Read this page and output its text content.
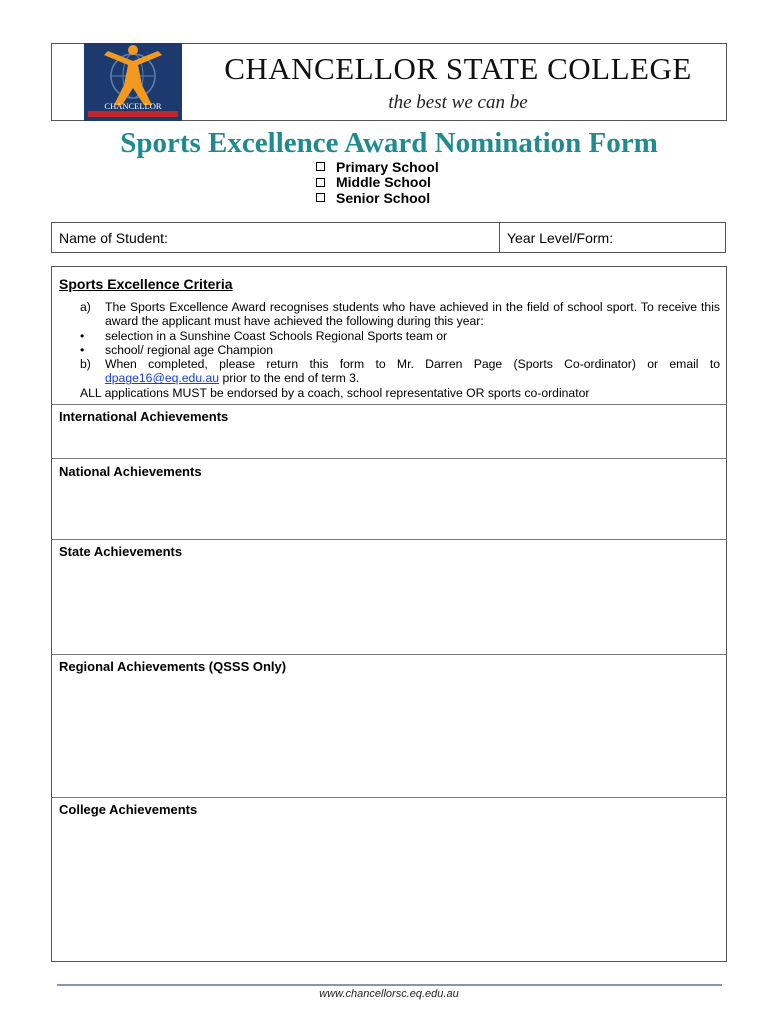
CHANCELLOR
CHANCELLOR STATE COLLEGE
the best we can be
Sports Excellence Award Nomination Form
Primary School
Middle School
Senior School
Name of Student:	Year Level/Form:
Sports Excellence Criteria
a)	The Sports Excellence Award recognises students who have achieved in the field of school sport. To receive this award the applicant must have achieved the following during this year:
•	selection in a Sunshine Coast Schools Regional Sports team or
•	school/ regional age Champion
b)	When completed, please return this form to Mr. Darren Page (Sports Co-ordinator) or email to dpage16@eq.edu.au prior to the end of term 3.
ALL applications MUST be endorsed by a coach, school representative OR sports co-ordinator
International Achievements
National Achievements
State Achievements
Regional Achievements (QSSS Only)
College Achievements
www.chancellorsc.eq.edu.au
